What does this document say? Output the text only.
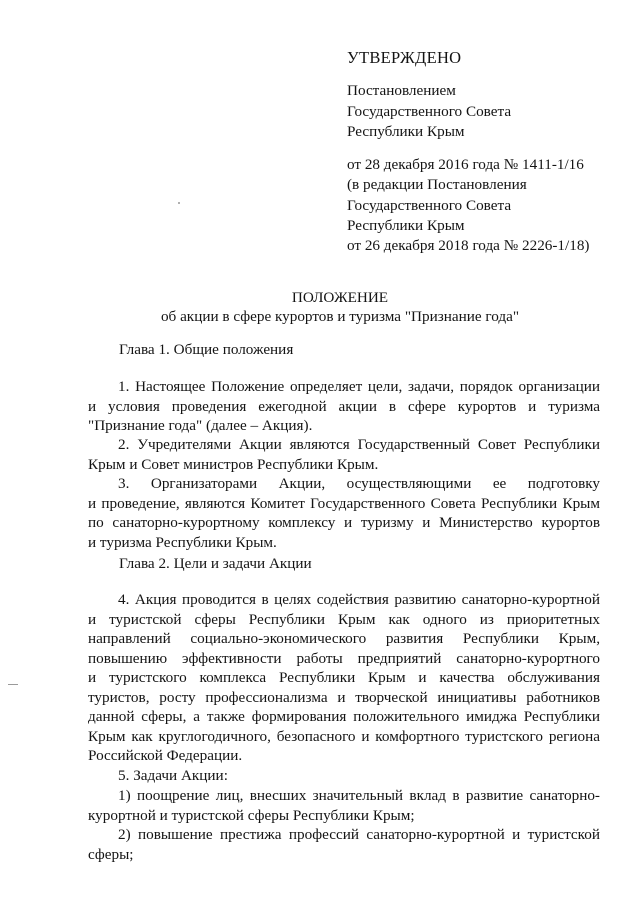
УТВЕРЖДЕНО
Постановлением
Государственного Совета
Республики Крым
от 28 декабря 2016 года № 1411-1/16
(в редакции Постановления
Государственного Совета
Республики Крым
от 26 декабря 2018 года № 2226-1/18)
ПОЛОЖЕНИЕ
об акции в сфере курортов и туризма "Признание года"
Глава 1. Общие положения
1. Настоящее Положение определяет цели, задачи, порядок организации
и условия проведения ежегодной акции в сфере курортов и туризма
"Признание года" (далее – Акция).
2. Учредителями Акции являются Государственный Совет Республики
Крым и Совет министров Республики Крым.
3. Организаторами Акции, осуществляющими ее подготовку
и проведение, являются Комитет Государственного Совета Республики Крым
по санаторно-курортному комплексу и туризму и Министерство курортов
и туризма Республики Крым.
Глава 2. Цели и задачи Акции
4. Акция проводится в целях содействия развитию санаторно-курортной
и туристской сферы Республики Крым как одного из приоритетных
направлений социально-экономического развития Республики Крым,
повышению эффективности работы предприятий санаторно-курортного
и туристского комплекса Республики Крым и качества обслуживания
туристов, росту профессионализма и творческой инициативы работников
данной сферы, а также формирования положительного имиджа Республики
Крым как круглогодичного, безопасного и комфортного туристского региона
Российской Федерации.
5. Задачи Акции:
1) поощрение лиц, внесших значительный вклад в развитие санаторно-
курортной и туристской сферы Республики Крым;
2) повышение престижа профессий санаторно-курортной и туристской
сферы;
